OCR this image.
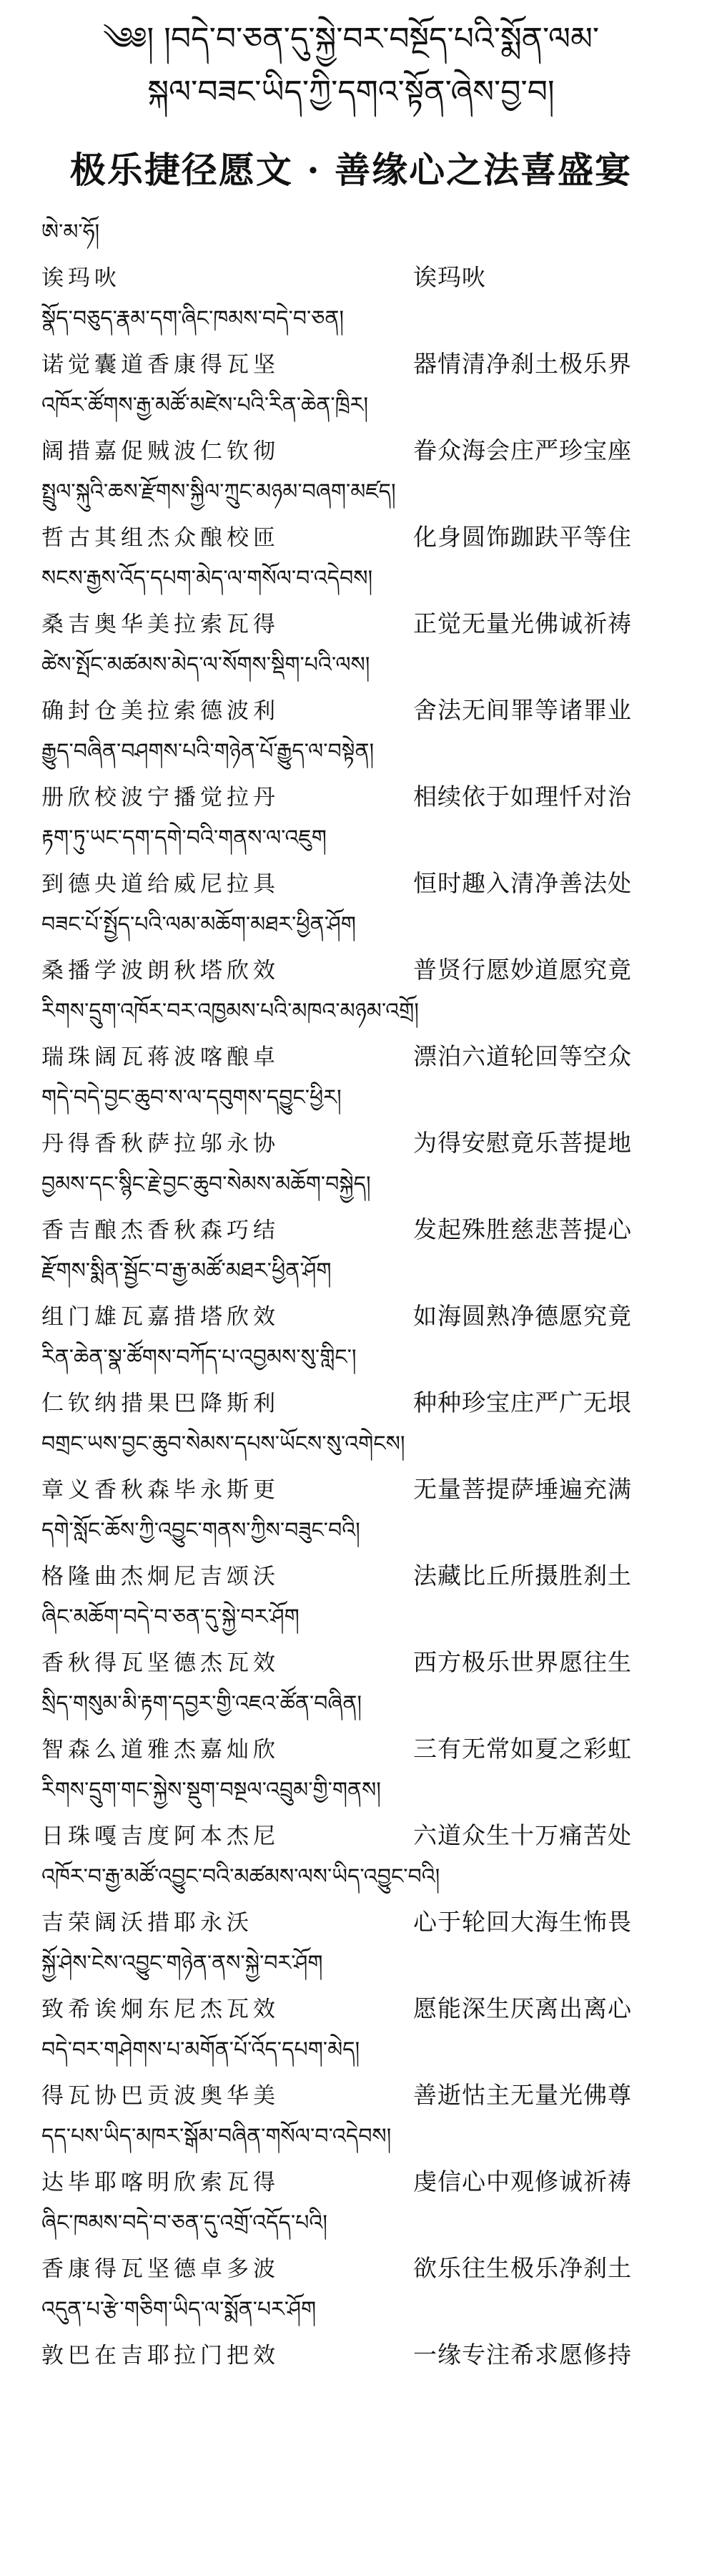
༄༅། །བདེ་བ་ཅན་དུ་སྐྱེ་བར་བསྔོད་པའི་སྨོན་ལམ་
སྐལ་བཟང་ཡིད་ཀྱི་དགའ་སྟོན་ཞེས་བྱ་བ།
极乐捷径愿文 · 善缘心之法喜盛宴
ཨེ་མ་ཧོ།
诶玛吙	诶玛吙
སྣོད་བཅུད་རྣམ་དག་ཞིང་ཁམས་བདེ་བ་ཅན།
诺觉囊道香康得瓦坚	器情清净刹土极乐界
འཁོར་ཚོགས་རྒྱ་མཚོ་མཛེས་པའི་རིན་ཆེན་ཁྲིར།
阔措嘉促贼波仁钦彻	眷众海会庄严珍宝座
སྤྲུལ་སྐུའི་ཆས་རྫོགས་སྐྱིལ་ཀྲུང་མཉམ་བཞག་མཛད།
哲古其组杰众酿校匝	化身圆饰跏趺平等住
སངས་རྒྱས་འོད་དཔག་མེད་ལ་གསོལ་བ་འདེབས།
桑吉奥华美拉索瓦得	正觉无量光佛诚祈祷
ཚེས་སྤོང་མཚམས་མེད་ལ་སོགས་སྡིག་པའི་ལས།
确封仓美拉索德波利	舍法无间罪等诸罪业
རྒྱུད་བཞིན་བཤགས་པའི་གཉེན་པོ་རྒྱུད་ལ་བསྟེན།
册欣校波宁播觉拉丹	相续依于如理忏对治
རྟག་ཏུ་ཡང་དག་དགེ་བའི་གནས་ལ་འཇུག
到德央道给威尼拉具	恒时趣入清净善法处
བཟང་པོ་སྤྱོད་པའི་ལམ་མཆོག་མཐར་ཕྱིན་ཤོག
桑播学波朗秋塔欣效	普贤行愿妙道愿究竟
རིགས་དྲུག་འཁོར་བར་འཁྱམས་པའི་མཁའ་མཉམ་འགྲོ།
瑞珠阔瓦蒋波喀酿卓	漂泊六道轮回等空众
གདེ་བདེ་བྱང་ཆུབ་ས་ལ་དབུགས་དབྱུང་ཕྱིར།
丹得香秋萨拉邬永协	为得安慰竟乐菩提地
བྱམས་དང་སྙིང་རྗེ་བྱང་ཆུབ་སེམས་མཆོག་བསྐྱེད།
香吉酿杰香秋森巧结	发起殊胜慈悲菩提心
རྫོགས་སྨིན་སྦྱོང་བ་རྒྱ་མཚོ་མཐར་ཕྱིན་ཤོག
组门雄瓦嘉措塔欣效	如海圆熟净德愿究竟
རིན་ཆེན་སྣ་ཚོགས་བཀོད་པ་འབྱམས་སུ་གླིང་།
仁钦纳措果巴降斯利	种种珍宝庄严广无垠
བགྲང་ཡས་བྱང་ཆུབ་སེམས་དཔས་ཡོངས་སུ་འགེངས།
章义香秋森毕永斯更	无量菩提萨埵遍充满
དགེ་སློང་ཆོས་ཀྱི་འབྱུང་གནས་ཀྱིས་བཟུང་བའི།
格隆曲杰炯尼吉颂沃	法藏比丘所摄胜刹土
ཞིང་མཆོག་བདེ་བ་ཅན་དུ་སྐྱེ་བར་ཤོག
香秋得瓦坚德杰瓦效	西方极乐世界愿往生
སྲིད་གསུམ་མི་རྟག་དབྱར་གྱི་འཇའ་ཚོན་བཞིན།
智森么道雅杰嘉灿欣	三有无常如夏之彩虹
རིགས་དྲུག་གང་སྐྱེས་སྡུག་བསྔལ་འབྲུམ་གྱི་གནས།
日珠嘎吉度阿本杰尼	六道众生十万痛苦处
འཁོར་བ་རྒྱ་མཚོ་འབྱུང་བའི་མཚམས་ལས་ཡིད་འབྱུང་བའི།
吉荣阔沃措耶永沃	心于轮回大海生怖畏
སྐྱོ་ཤེས་ངེས་འབྱུང་གཉེན་ནས་སྐྱེ་བར་ཤོག
致希诶炯东尼杰瓦效	愿能深生厌离出离心
བདེ་བར་གཤེགས་པ་མགོན་པོ་འོད་དཔག་མེད།
得瓦协巴贡波奥华美	善逝怙主无量光佛尊
དད་པས་ཡིད་མཁར་སྒོམ་བཞིན་གསོལ་བ་འདེབས།
达毕耶喀明欣索瓦得	虔信心中观修诚祈祷
ཞིང་ཁམས་བདེ་བ་ཅན་དུ་འགྲོ་འདོད་པའི།
香康得瓦坚德卓多波	欲乐往生极乐净刹土
འདུན་པ་རྩེ་གཅིག་ཡིད་ལ་སྨོན་པར་ཤོག
敦巴在吉耶拉门把效	一缘专注希求愿修持
